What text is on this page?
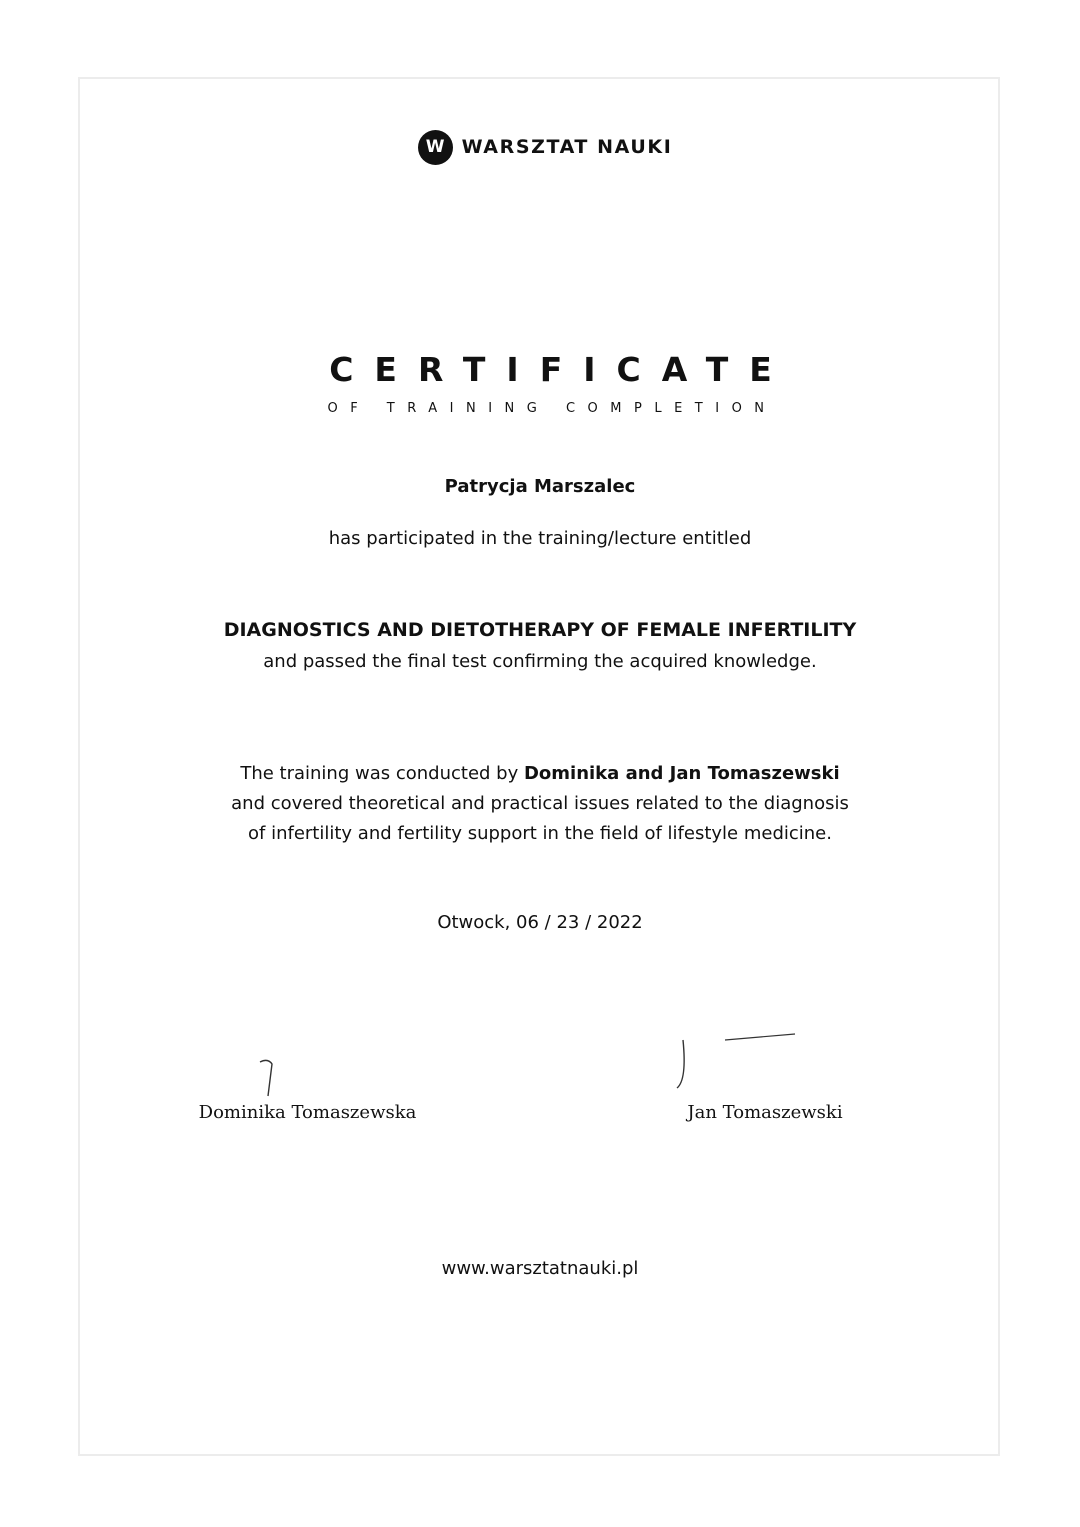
W WARSZTAT NAUKI
CERTIFICATE
OF TRAINING COMPLETION
Patrycja Marszalec
has participated in the training/lecture entitled
DIAGNOSTICS AND DIETOTHERAPY OF FEMALE INFERTILITY
and passed the final test confirming the acquired knowledge.
The training was conducted by Dominika and Jan Tomaszewski
and covered theoretical and practical issues related to the diagnosis
of infertility and fertility support in the field of lifestyle medicine.
Otwock, 06 / 23 / 2022
Dominika
Tomaszewska
Dominika Tomaszewska
Jan Tomaszewski
Jan Tomaszewski
www.warsztatnauki.pl
